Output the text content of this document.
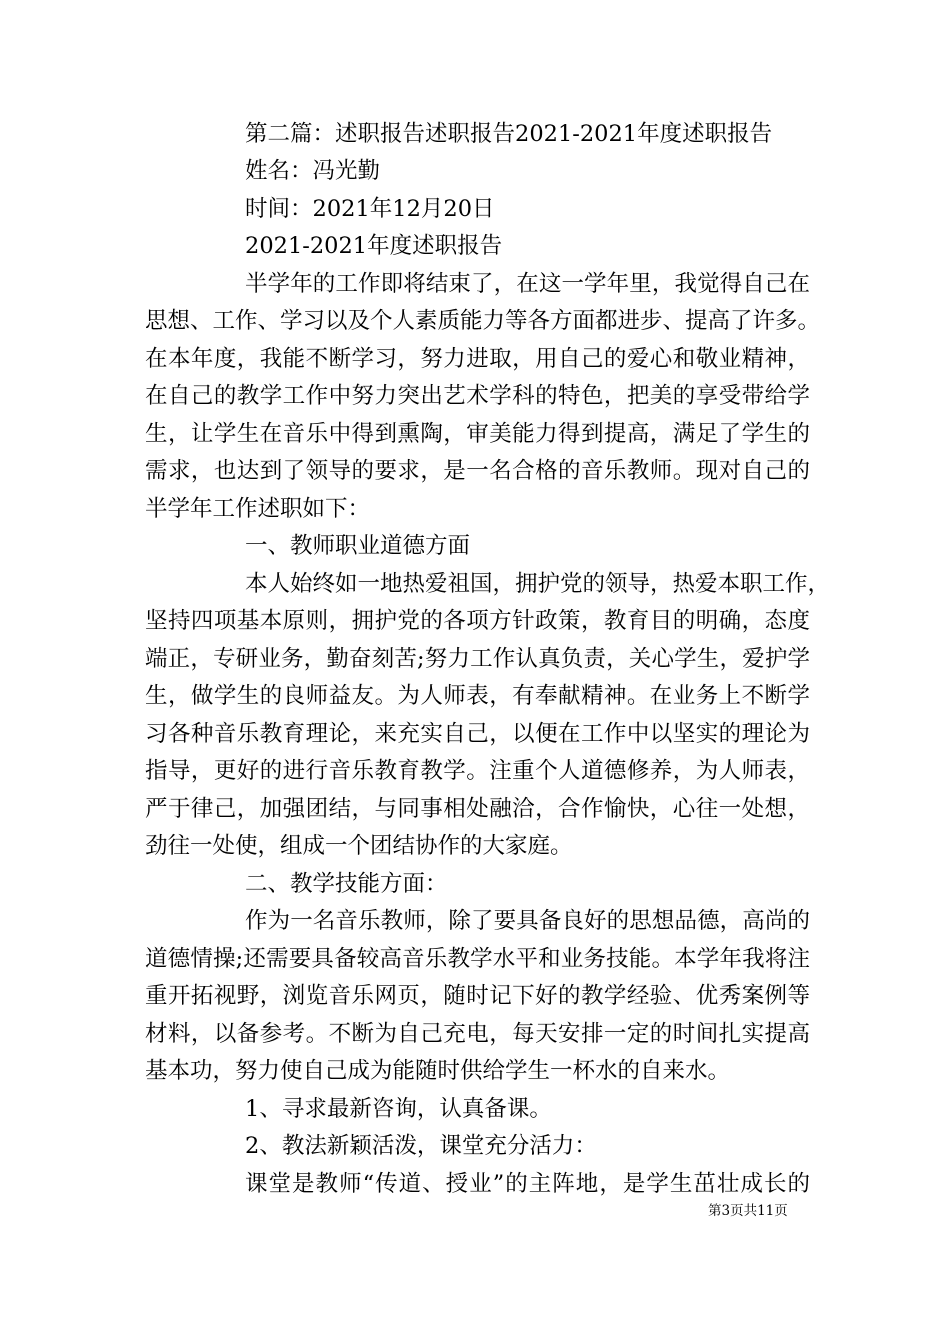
第二篇：述职报告述职报告2021-2021年度述职报告
姓名：冯光勤
时间：2021年12月20日
2021-2021年度述职报告
半学年的工作即将结束了，在这一学年里，我觉得自己在
思想、工作、学习以及个人素质能力等各方面都进步、提高了许多。
在本年度，我能不断学习，努力进取，用自己的爱心和敬业精神，
在自己的教学工作中努力突出艺术学科的特色，把美的享受带给学
生，让学生在音乐中得到熏陶，审美能力得到提高，满足了学生的
需求，也达到了领导的要求，是一名合格的音乐教师。现对自己的
半学年工作述职如下：
一、教师职业道德方面
本人始终如一地热爱祖国，拥护党的领导，热爱本职工作，
坚持四项基本原则，拥护党的各项方针政策，教育目的明确，态度
端正，专研业务，勤奋刻苦;努力工作认真负责，关心学生，爱护学
生，做学生的良师益友。为人师表，有奉献精神。在业务上不断学
习各种音乐教育理论，来充实自己，以便在工作中以坚实的理论为
指导，更好的进行音乐教育教学。注重个人道德修养，为人师表，
严于律己，加强团结，与同事相处融洽，合作愉快，心往一处想，
劲往一处使，组成一个团结协作的大家庭。
二、教学技能方面：
作为一名音乐教师，除了要具备良好的思想品德，高尚的
道德情操;还需要具备较高音乐教学水平和业务技能。本学年我将注
重开拓视野，浏览音乐网页，随时记下好的教学经验、优秀案例等
材料，以备参考。不断为自己充电，每天安排一定的时间扎实提高
基本功，努力使自己成为能随时供给学生一杯水的自来水。
1、寻求最新咨询，认真备课。
2、教法新颖活泼，课堂充分活力：
课堂是教师“传道、授业”的主阵地，是学生茁壮成长的
第3页共11页
